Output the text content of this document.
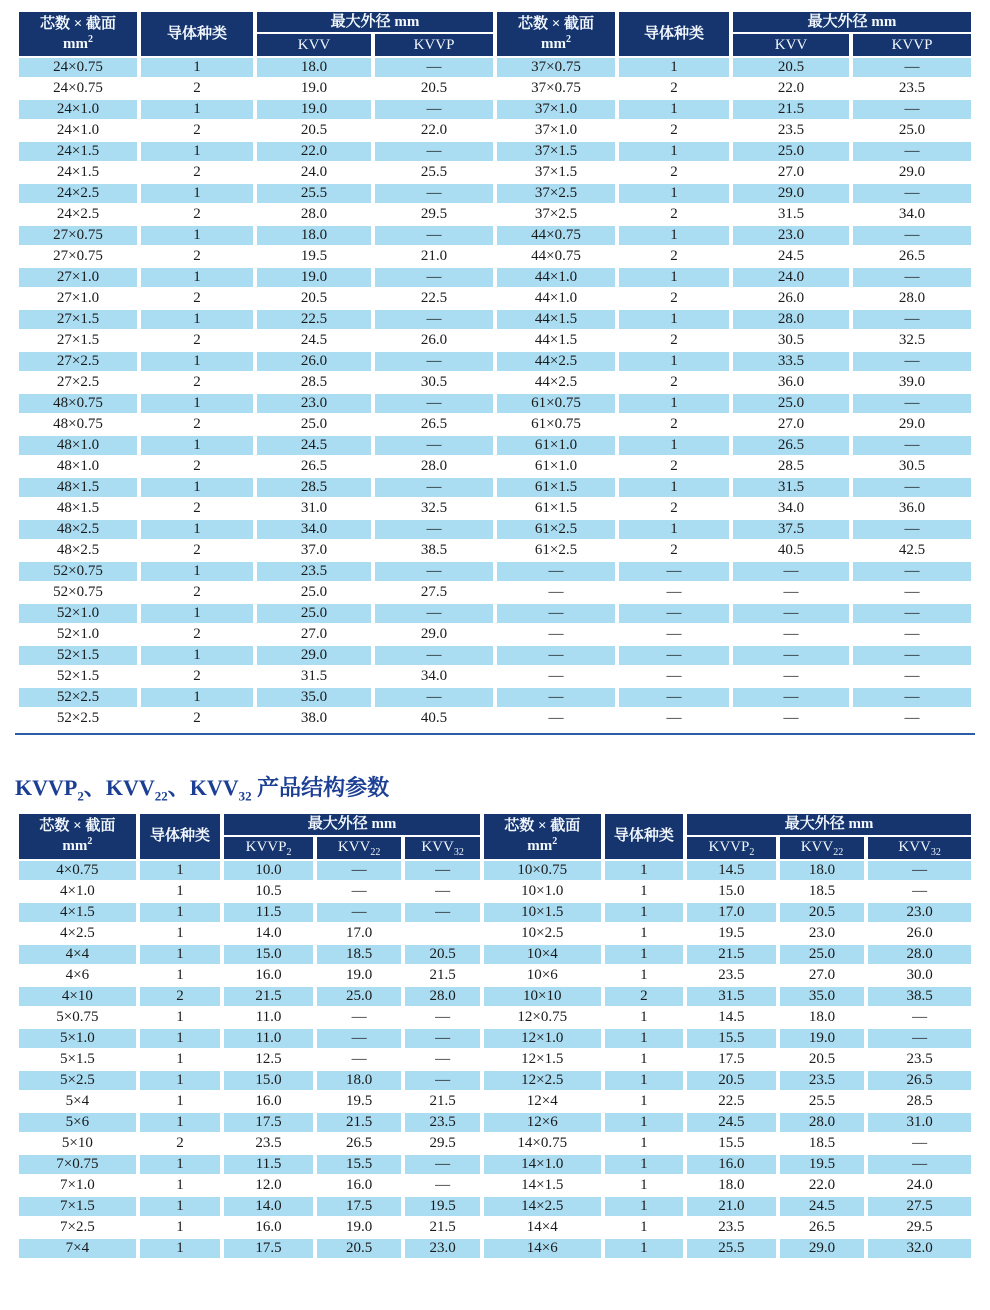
芯数 × 截面
$mm^2$	导体种类	最大外径 mm		芯数 × 截面
$mm^2$	导体种类	最大外径 mm	
		KVV	KVVP			KVV	KVVP
24×0.75	1	18.0	—	37×0.75	1	20.5	—
24×0.75	2	19.0	20.5	37×0.75	2	22.0	23.5
24×1.0	1	19.0	—	37×1.0	1	21.5	—
24×1.0	2	20.5	22.0	37×1.0	2	23.5	25.0
24×1.5	1	22.0	—	37×1.5	1	25.0	—
24×1.5	2	24.0	25.5	37×1.5	2	27.0	29.0
24×2.5	1	25.5	—	37×2.5	1	29.0	—
24×2.5	2	28.0	29.5	37×2.5	2	31.5	34.0
27×0.75	1	18.0	—	44×0.75	1	23.0	—
27×0.75	2	19.5	21.0	44×0.75	2	24.5	26.5
27×1.0	1	19.0	—	44×1.0	1	24.0	—
27×1.0	2	20.5	22.5	44×1.0	2	26.0	28.0
27×1.5	1	22.5	—	44×1.5	1	28.0	—
27×1.5	2	24.5	26.0	44×1.5	2	30.5	32.5
27×2.5	1	26.0	—	44×2.5	1	33.5	—
27×2.5	2	28.5	30.5	44×2.5	2	36.0	39.0
48×0.75	1	23.0	—	61×0.75	1	25.0	—
48×0.75	2	25.0	26.5	61×0.75	2	27.0	29.0
48×1.0	1	24.5	—	61×1.0	1	26.5	—
48×1.0	2	26.5	28.0	61×1.0	2	28.5	30.5
48×1.5	1	28.5	—	61×1.5	1	31.5	—
48×1.5	2	31.0	32.5	61×1.5	2	34.0	36.0
48×2.5	1	34.0	—	61×2.5	1	37.5	—
48×2.5	2	37.0	38.5	61×2.5	2	40.5	42.5
52×0.75	1	23.5	—	—	—	—	—
52×0.75	2	25.0	27.5	—	—	—	—
52×1.0	1	25.0	—	—	—	—	—
52×1.0	2	27.0	29.0	—	—	—	—
52×1.5	1	29.0	—	—	—	—	—
52×1.5	2	31.5	34.0	—	—	—	—
52×2.5	1	35.0	—	—	—	—	—
52×2.5	2	38.0	40.5	—	—	—	—
$KVVP_2$、$KVV_{22}$、$KVV_{32}$ 产品结构参数
芯数 × 截面
$mm^2$	导体种类	最大外径 mm			芯数 × 截面
$mm^2$	导体种类	最大外径 mm		
		$KVVP_2$	$KVV_{22}$	$KVV_{32}$			$KVVP_2$	$KVV_{22}$	$KVV_{32}$
4×0.75	1	10.0	—	—	10×0.75	1	14.5	18.0	—
4×1.0	1	10.5	—	—	10×1.0	1	15.0	18.5	—
4×1.5	1	11.5	—	—	10×1.5	1	17.0	20.5	23.0
4×2.5	1	14.0	17.0		10×2.5	1	19.5	23.0	26.0
4×4	1	15.0	18.5	20.5	10×4	1	21.5	25.0	28.0
4×6	1	16.0	19.0	21.5	10×6	1	23.5	27.0	30.0
4×10	2	21.5	25.0	28.0	10×10	2	31.5	35.0	38.5
5×0.75	1	11.0	—	—	12×0.75	1	14.5	18.0	—
5×1.0	1	11.0	—	—	12×1.0	1	15.5	19.0	—
5×1.5	1	12.5	—	—	12×1.5	1	17.5	20.5	23.5
5×2.5	1	15.0	18.0	—	12×2.5	1	20.5	23.5	26.5
5×4	1	16.0	19.5	21.5	12×4	1	22.5	25.5	28.5
5×6	1	17.5	21.5	23.5	12×6	1	24.5	28.0	31.0
5×10	2	23.5	26.5	29.5	14×0.75	1	15.5	18.5	—
7×0.75	1	11.5	15.5	—	14×1.0	1	16.0	19.5	—
7×1.0	1	12.0	16.0	—	14×1.5	1	18.0	22.0	24.0
7×1.5	1	14.0	17.5	19.5	14×2.5	1	21.0	24.5	27.5
7×2.5	1	16.0	19.0	21.5	14×4	1	23.5	26.5	29.5
7×4	1	17.5	20.5	23.0	14×6	1	25.5	29.0	32.0
